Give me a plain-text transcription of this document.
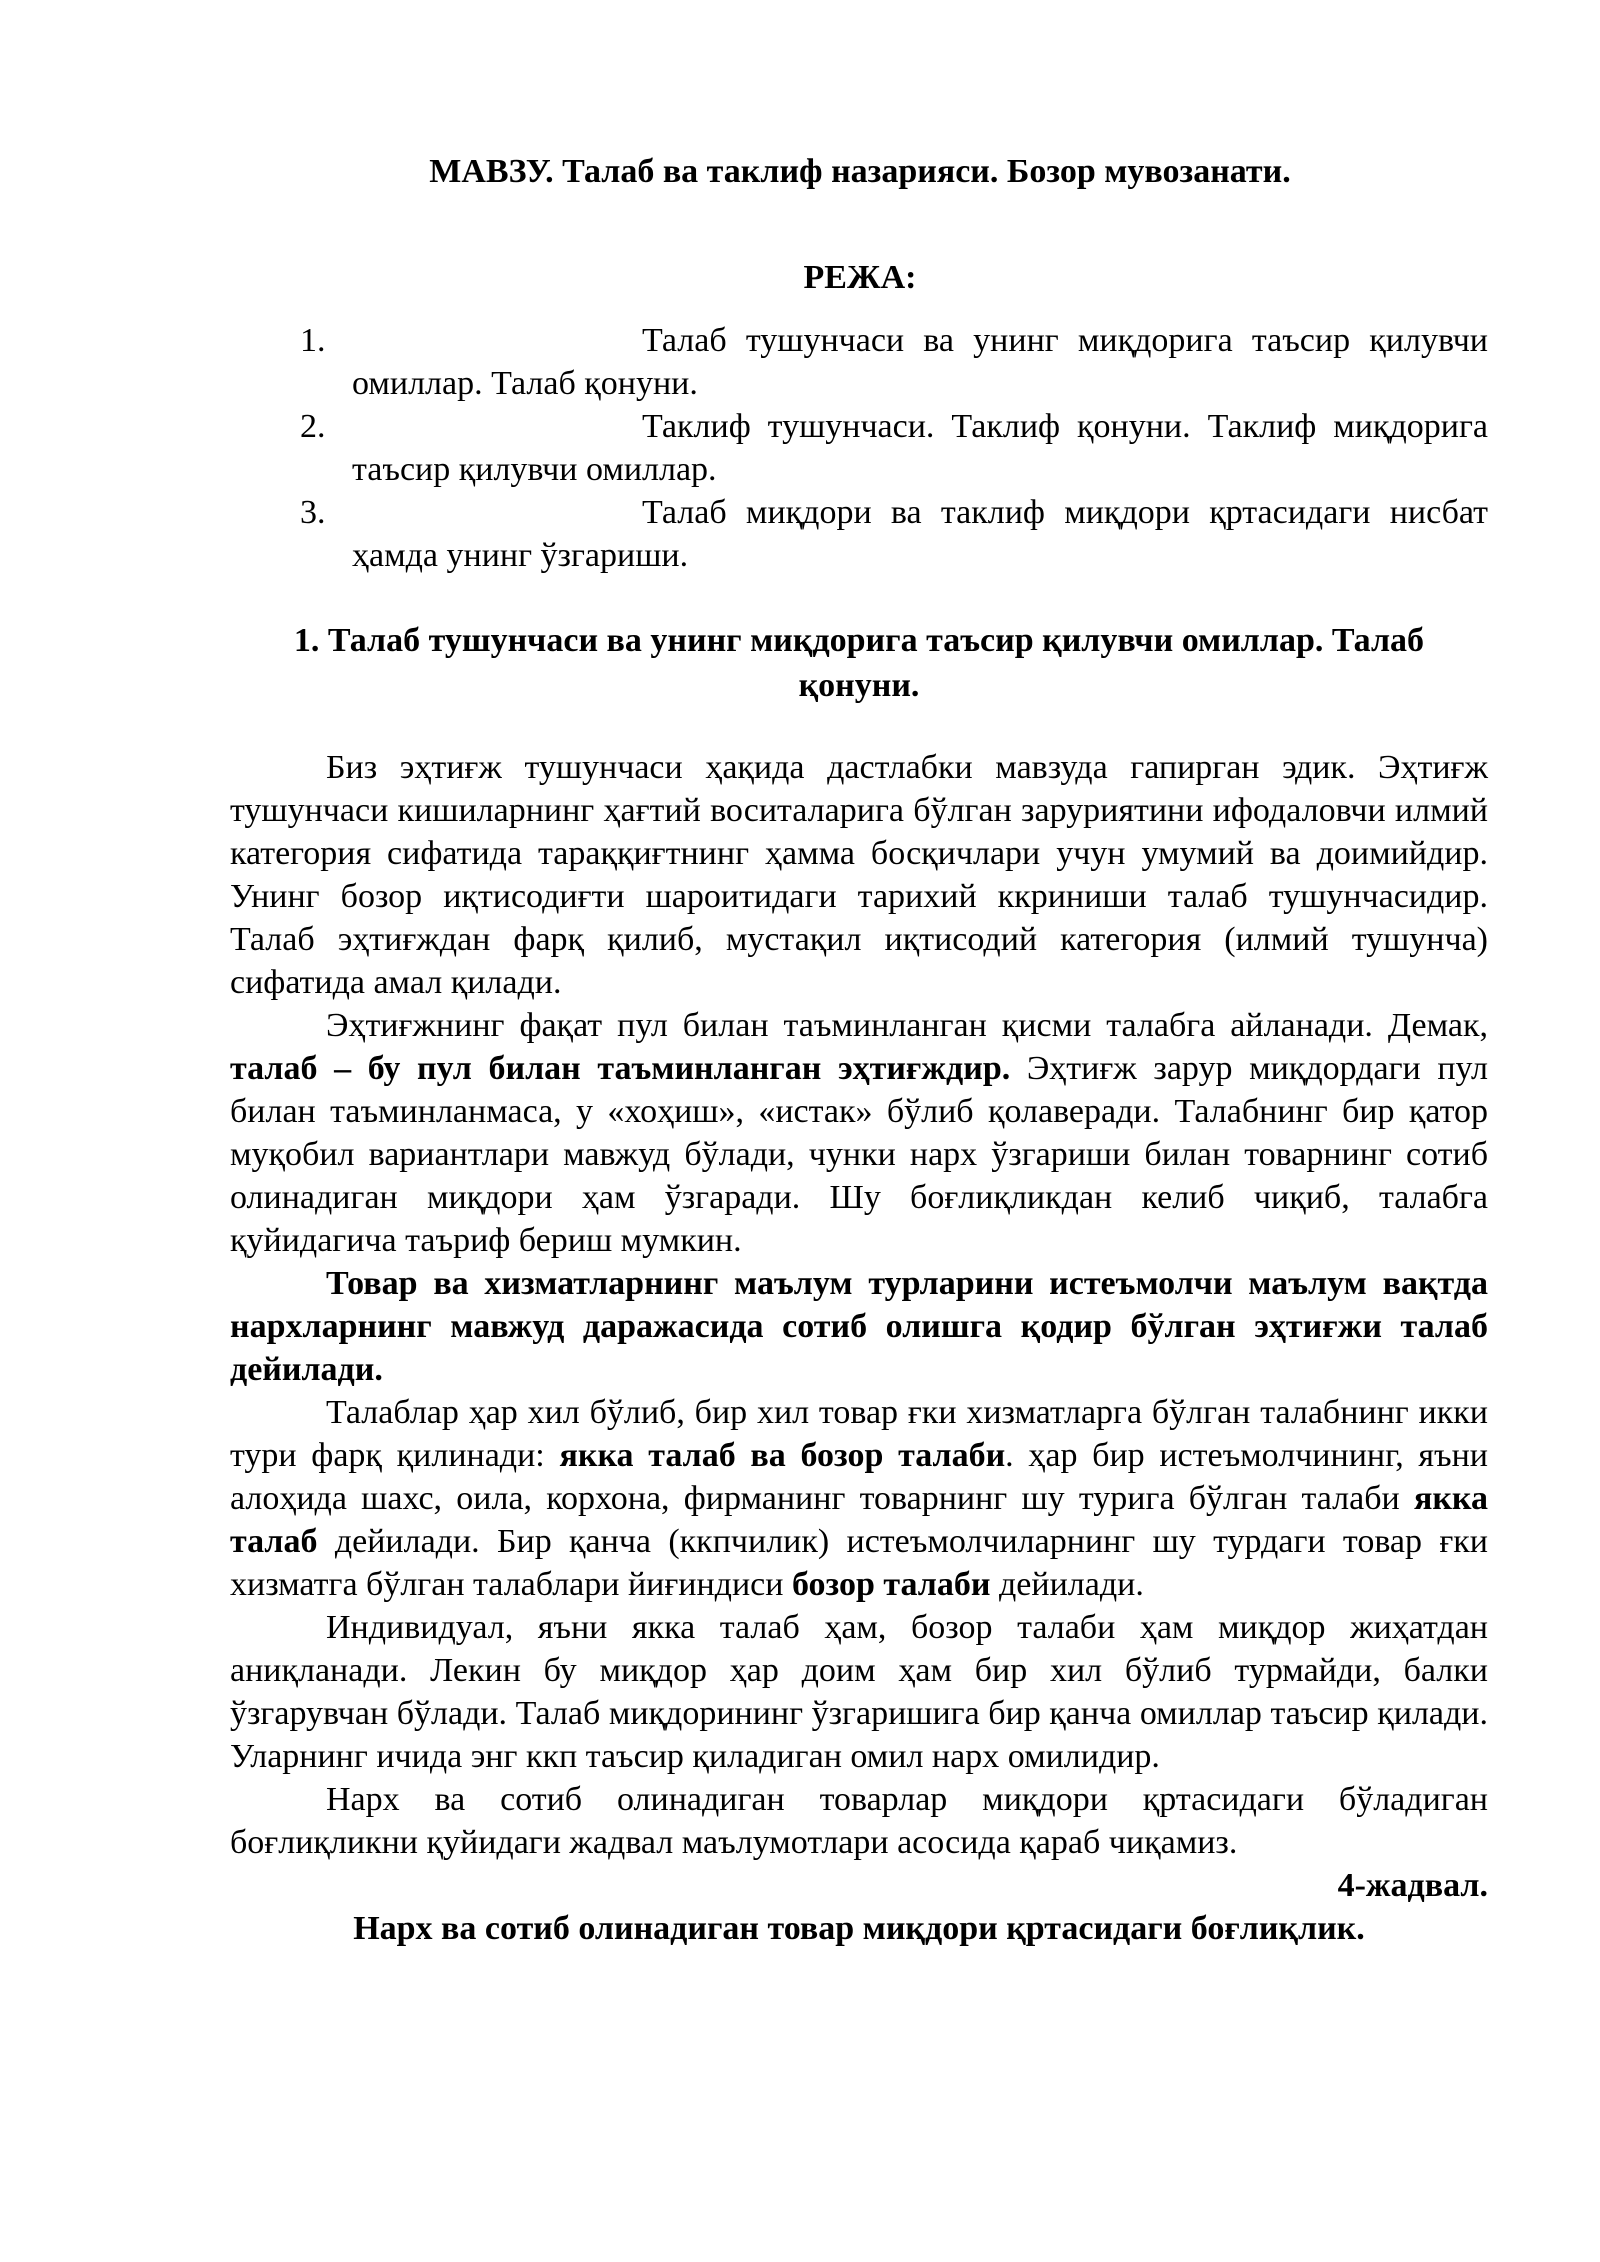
МАВЗУ. Талаб ва таклиф назарияси. Бозор мувозанати.
РЕЖА:
1.	Талаб тушунчаси ва унинг миқдорига таъсир қилувчи омиллар. Талаб қонуни.
2.	Таклиф тушунчаси. Таклиф қонуни. Таклиф миқдорига таъсир қилувчи омиллар.
3.	Талаб миқдори ва таклиф миқдори қртасидаги нисбат ҳамда унинг ўзгариши.
1. Талаб тушунчаси ва унинг миқдорига таъсир қилувчи омиллар. Талаб қонуни.

Биз эҳтиғж тушунчаси ҳақида дастлабки мавзуда гапирган эдик. Эҳтиғж тушунчаси кишиларнинг ҳағтий воситаларига бўлган заруриятини ифодаловчи илмий категория сифатида тараққиғтнинг ҳамма босқичлари учун умумий ва доимийдир. Унинг бозор иқтисодиғти шароитидаги тарихий ккриниши талаб тушунчасидир. Талаб эҳтиғждан фарқ қилиб, мустақил иқтисодий категория (илмий тушунча) сифатида амал қилади.

Эҳтиғжнинг фақат пул билан таъминланган қисми талабга айланади. Демак, талаб – бу пул билан таъминланган эҳтиғждир. Эҳтиғж зарур миқдордаги пул билан таъминланмаса, у «хоҳиш», «истак» бўлиб қолаверади. Талабнинг бир қатор муқобил вариантлари мавжуд бўлади, чунки нарх ўзгариши билан товарнинг сотиб олинадиган миқдори ҳам ўзгаради. Шу боғлиқликдан келиб чиқиб, талабга қуйидагича таъриф бериш мумкин.

Товар ва хизматларнинг маълум турларини истеъмолчи маълум вақтда нархларнинг мавжуд даражасида сотиб олишга қодир бўлган эҳтиғжи талаб дейилади.

Талаблар ҳар хил бўлиб, бир хил товар ғки хизматларга бўлган талабнинг икки тури фарқ қилинади: якка талаб ва бозор талаби. ҳар бир истеъмолчининг, яъни алоҳида шахс, оила, корхона, фирманинг товарнинг шу турига бўлган талаби якка талаб дейилади. Бир қанча (ккпчилик) истеъмолчиларнинг шу турдаги товар ғки хизматга бўлган талаблари йиғиндиси бозор талаби дейилади.

Индивидуал, яъни якка талаб ҳам, бозор талаби ҳам миқдор жиҳатдан аниқланади. Лекин бу миқдор ҳар доим ҳам бир хил бўлиб турмайди, балки ўзгарувчан бўлади. Талаб миқдорининг ўзгаришига бир қанча омиллар таъсир қилади. Уларнинг ичида энг ккп таъсир қиладиган омил нарх омилидир.

Нарх ва сотиб олинадиган товарлар миқдори қртасидаги бўладиган боғлиқликни қуйидаги жадвал маълумотлари асосида қараб чиқамиз.

4-жадвал.

Нарх ва сотиб олинадиган товар миқдори қртасидаги боғлиқлик.
